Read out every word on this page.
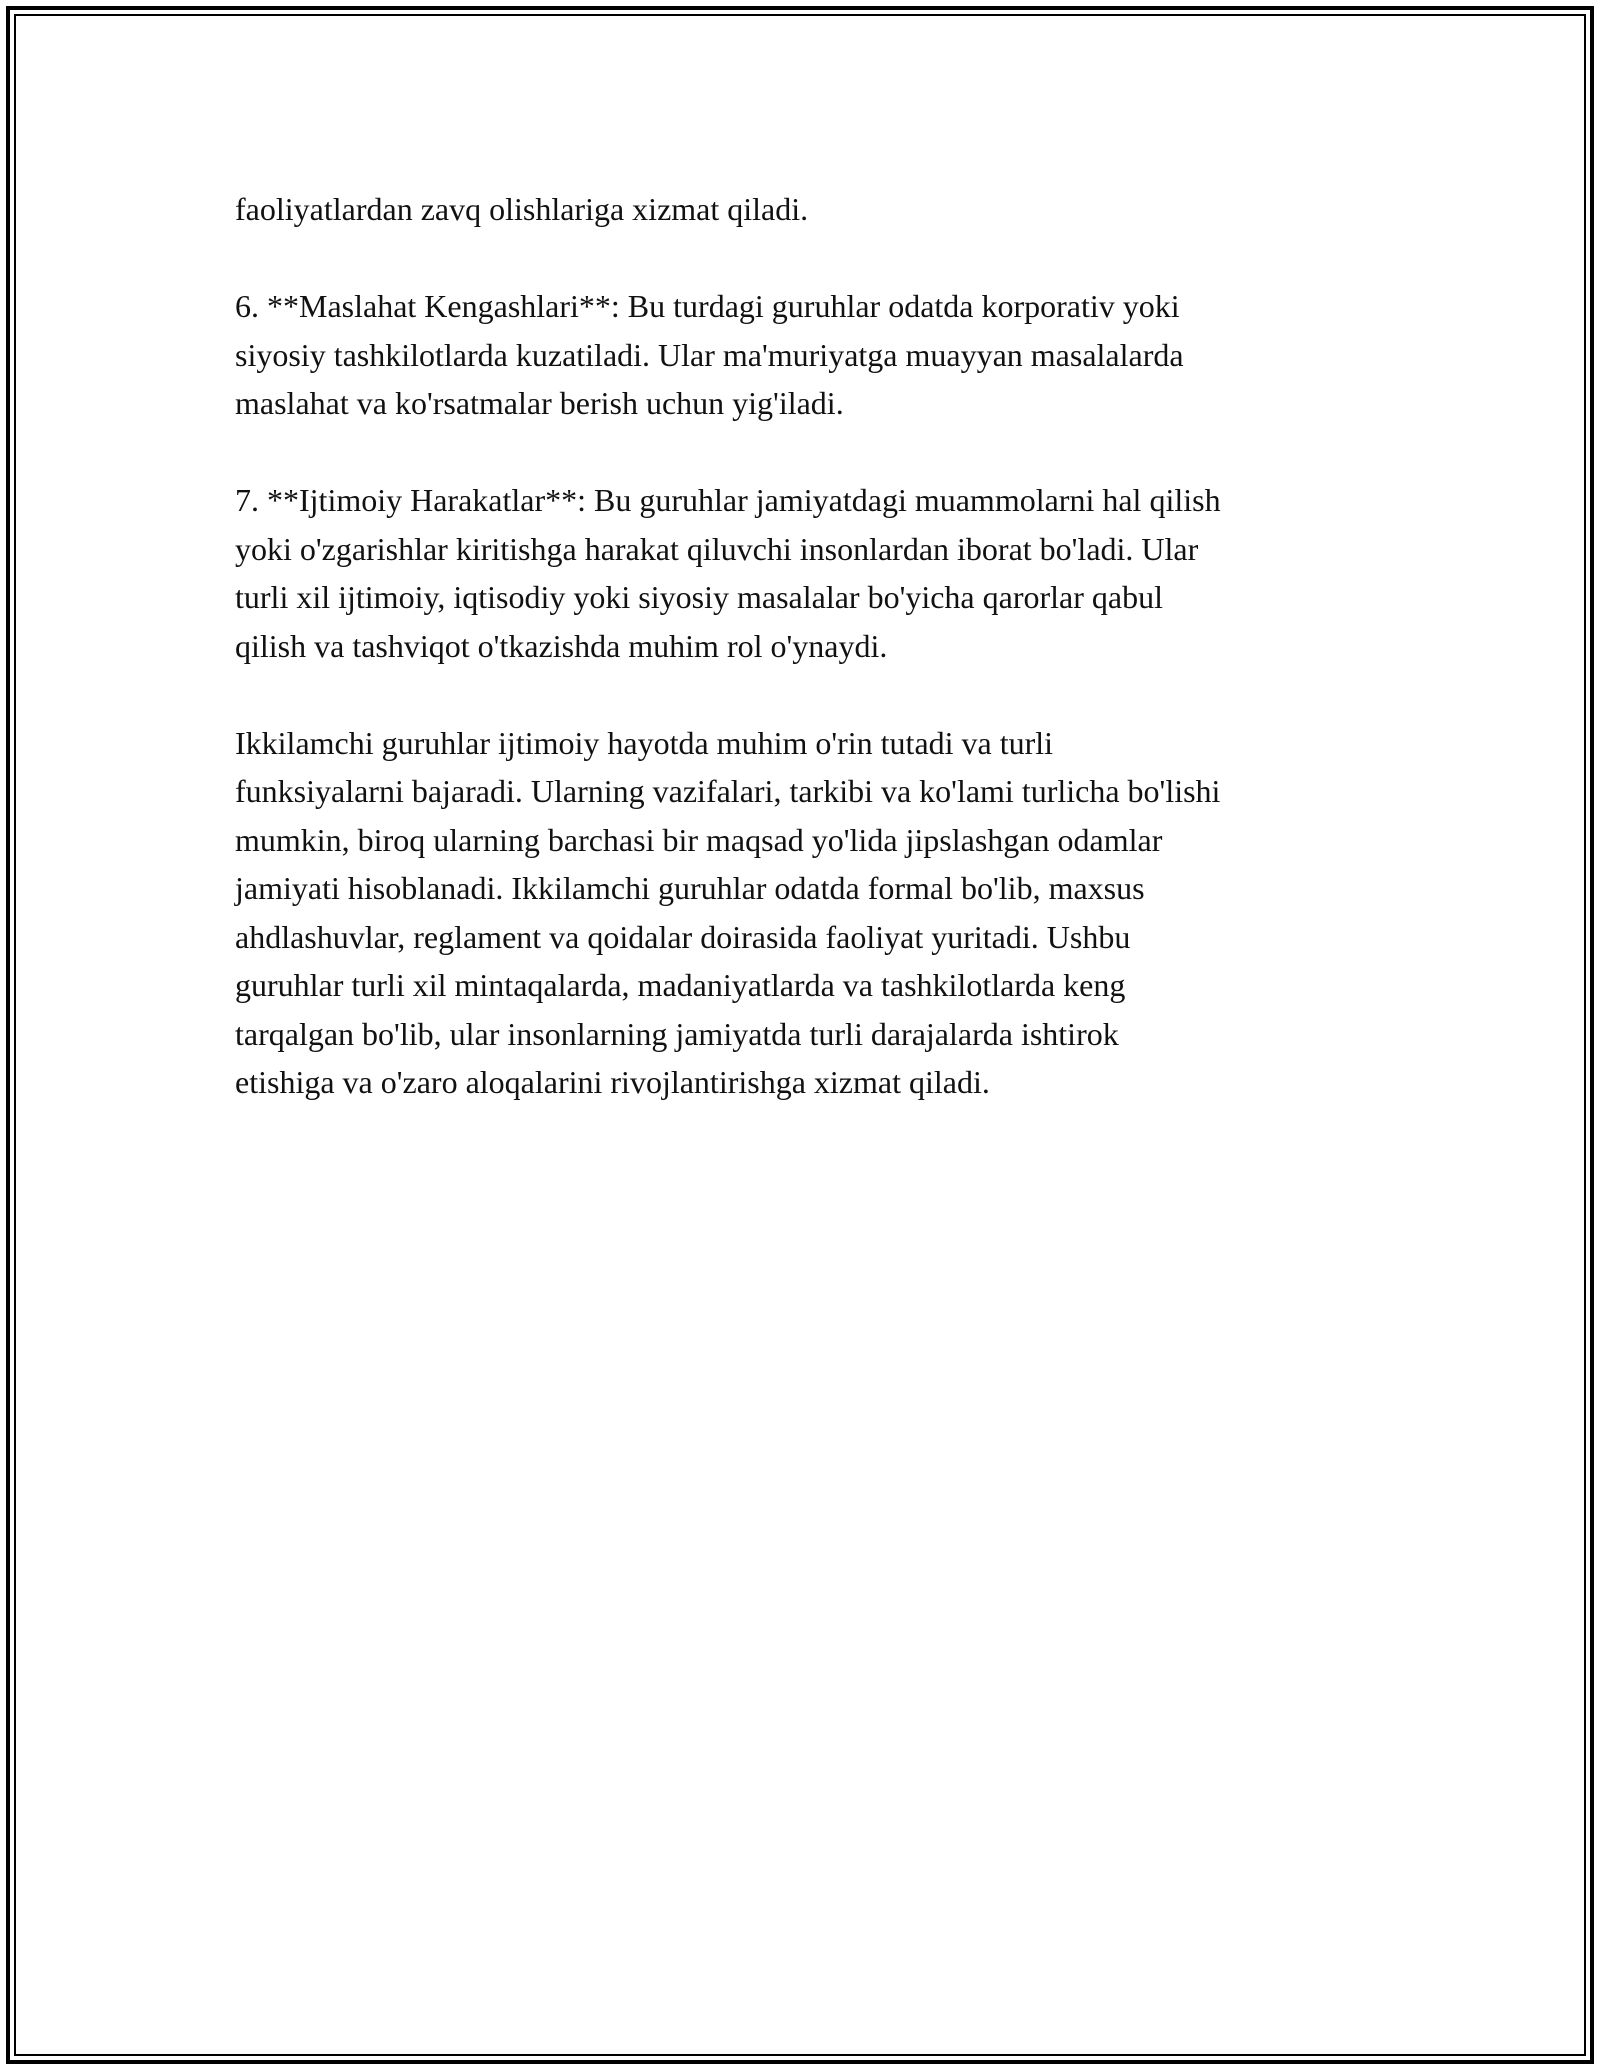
faoliyatlardan zavq olishlariga xizmat qiladi.

6. **Maslahat Kengashlari**: Bu turdagi guruhlar odatda korporativ yoki
siyosiy tashkilotlarda kuzatiladi. Ular ma'muriyatga muayyan masalalarda
maslahat va ko'rsatmalar berish uchun yig'iladi.

7. **Ijtimoiy Harakatlar**: Bu guruhlar jamiyatdagi muammolarni hal qilish
yoki o'zgarishlar kiritishga harakat qiluvchi insonlardan iborat bo'ladi. Ular
turli xil ijtimoiy, iqtisodiy yoki siyosiy masalalar bo'yicha qarorlar qabul
qilish va tashviqot o'tkazishda muhim rol o'ynaydi.

Ikkilamchi guruhlar ijtimoiy hayotda muhim o'rin tutadi va turli
funksiyalarni bajaradi. Ularning vazifalari, tarkibi va ko'lami turlicha bo'lishi
mumkin, biroq ularning barchasi bir maqsad yo'lida jipslashgan odamlar
jamiyati hisoblanadi. Ikkilamchi guruhlar odatda formal bo'lib, maxsus
ahdlashuvlar, reglament va qoidalar doirasida faoliyat yuritadi. Ushbu
guruhlar turli xil mintaqalarda, madaniyatlarda va tashkilotlarda keng
tarqalgan bo'lib, ular insonlarning jamiyatda turli darajalarda ishtirok
etishiga va o'zaro aloqalarini rivojlantirishga xizmat qiladi.
